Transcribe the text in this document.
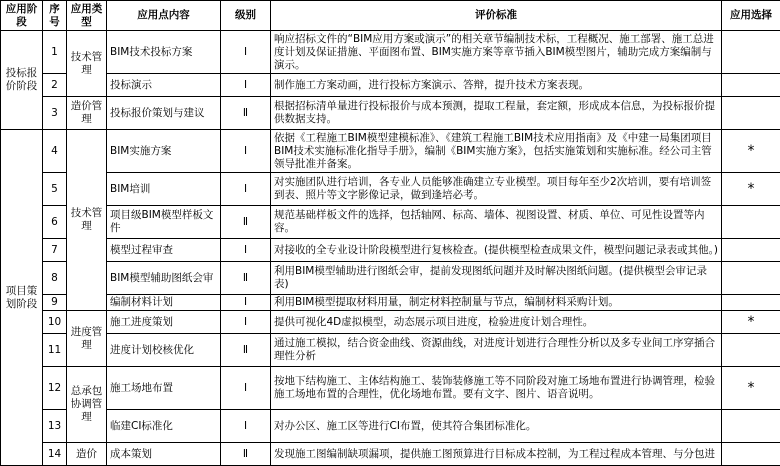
应用阶段	序号	应用类型	应用点内容	级别	评价标准	应用选择
投标报价阶段	1	技术管理	BIM技术投标方案	Ⅰ	响应招标文件的“BIM应用方案或演示”的相关章节编制技术标，工程概况、施工部署、施工总进度计划及保证措施、平面图布置、BIM实施方案等章节插入BIM模型图片，辅助完成方案编制与演示。	
	2		投标演示	Ⅰ	制作施工方案动画，进行投标方案演示、答辩，提升技术方案表现。	
	3	造价管理	投标报价策划与建议	Ⅱ	根据招标清单量进行投标报价与成本预测，提取工程量，套定额，形成成本信息，为投标报价提供数据支持。	
项目策划阶段	4	技术管理	BIM实施方案	Ⅰ	依据《工程施工BIM模型建模标准》、《建筑工程施工BIM技术应用指南》及《中建一局集团项目BIM技术实施标准化指导手册》，编制《BIM实施方案》，包括实施策划和实施标准。经公司主管领导批准并备案。	*
	5		BIM培训	Ⅰ	对实施团队进行培训，各专业人员能够准确建立专业模型。项目每年至少2次培训，要有培训签到表、照片等文字影像记录，做到逢培必考。	*
	6		项目级BIM模型样板文件	Ⅱ	规范基础样板文件的选择，包括轴网、标高、墙体、视图设置、材质、单位、可见性设置等内容。	
	7		模型过程审查	Ⅰ	对接收的全专业设计阶段模型进行复核检查。(提供模型检查成果文件，模型问题记录表或其他。)	
	8		BIM模型辅助图纸会审	Ⅱ	利用BIM模型辅助进行图纸会审，提前发现图纸问题并及时解决图纸问题。(提供模型会审记录表)	
	9		编制材料计划	Ⅰ	利用BIM模型提取材料用量，制定材料控制量与节点，编制材料采购计划。	
	10	进度管理	施工进度策划	Ⅰ	提供可视化4D虚拟模型，动态展示项目进度，检验进度计划合理性。	*
	11		进度计划校核优化	Ⅱ	通过施工模拟，结合资金曲线、资源曲线，对进度计划进行合理性分析以及多专业间工序穿插合理性分析	
	12	总承包协调管理	施工场地布置	Ⅰ	按地下结构施工、主体结构施工、装饰装修施工等不同阶段对施工场地布置进行协调管理，检验施工场地布置的合理性，优化场地布置。要有文字、图片、语音说明。	*
	13		临建CI标准化	Ⅰ	对办公区、施工区等进行CI布置，使其符合集团标准化。	
	14	造价	成本策划	Ⅱ	发现施工图编制缺项漏项，提供施工图预算进行目标成本控制，为工程过程成本管理、与分包进	
